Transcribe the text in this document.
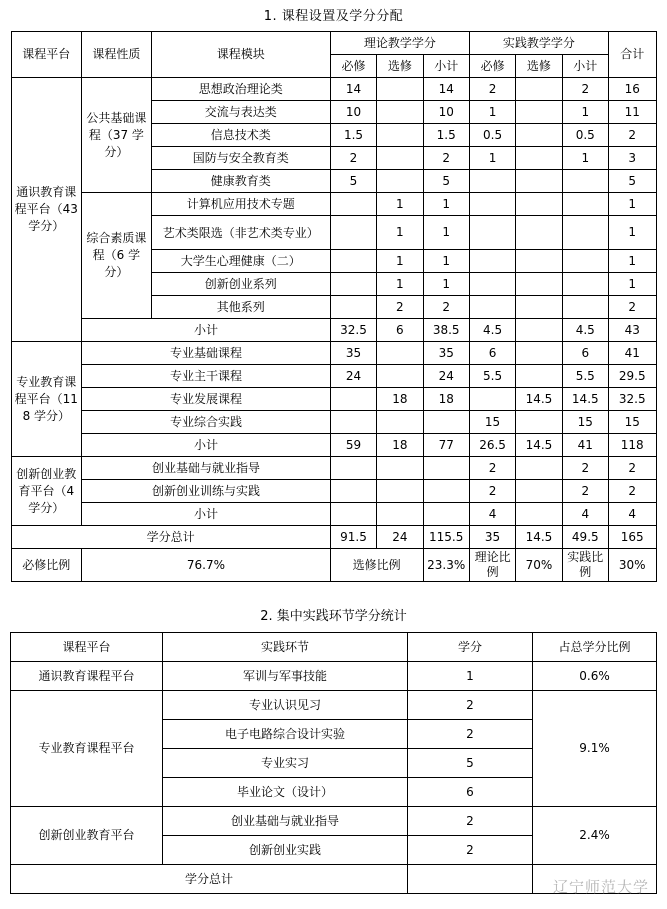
1. 课程设置及学分分配
课程平台	课程性质	课程模块	理论教学学分			实践教学学分			合计
			必修	选修	小计	必修	选修	小计	
通识教育课程平台（43 学分）	公共基础课程（37 学分）	思想政治理论类	14		14	2		2	16
		交流与表达类	10		10	1		1	11
		信息技术类	1.5		1.5	0.5		0.5	2
		国防与安全教育类	2		2	1		1	3
		健康教育类	5		5				5
	综合素质课程（6 学分）	计算机应用技术专题		1	1				1
		艺术类限选（非艺术类专业）		1	1				1
		大学生心理健康（二）		1	1				1
		创新创业系列		1	1				1
		其他系列		2	2				2
	小计		32.5	6	38.5	4.5		4.5	43
专业教育课程平台（118 学分）	专业基础课程		35		35	6		6	41
	专业主干课程		24		24	5.5		5.5	29.5
	专业发展课程			18	18		14.5	14.5	32.5
	专业综合实践					15		15	15
	小计		59	18	77	26.5	14.5	41	118
创新创业教育平台（4 学分）	创业基础与就业指导					2		2	2
	创新创业训练与实践					2		2	2
	小计					4		4	4
学分总计			91.5	24	115.5	35	14.5	49.5	165
必修比例	76.7%		选修比例		23.3%	理论比例	70%	实践比例	30%
2. 集中实践环节学分统计
课程平台	实践环节	学分	占总学分比例
通识教育课程平台	军训与军事技能	1	0.6%
专业教育课程平台	专业认识见习	2	9.1%
	电子电路综合设计实验	2	
	专业实习	5	
	毕业论文（设计）	6	
创新创业教育平台	创业基础与就业指导	2	2.4%
	创新创业实践	2	
学分总计				辽宁师范大学
